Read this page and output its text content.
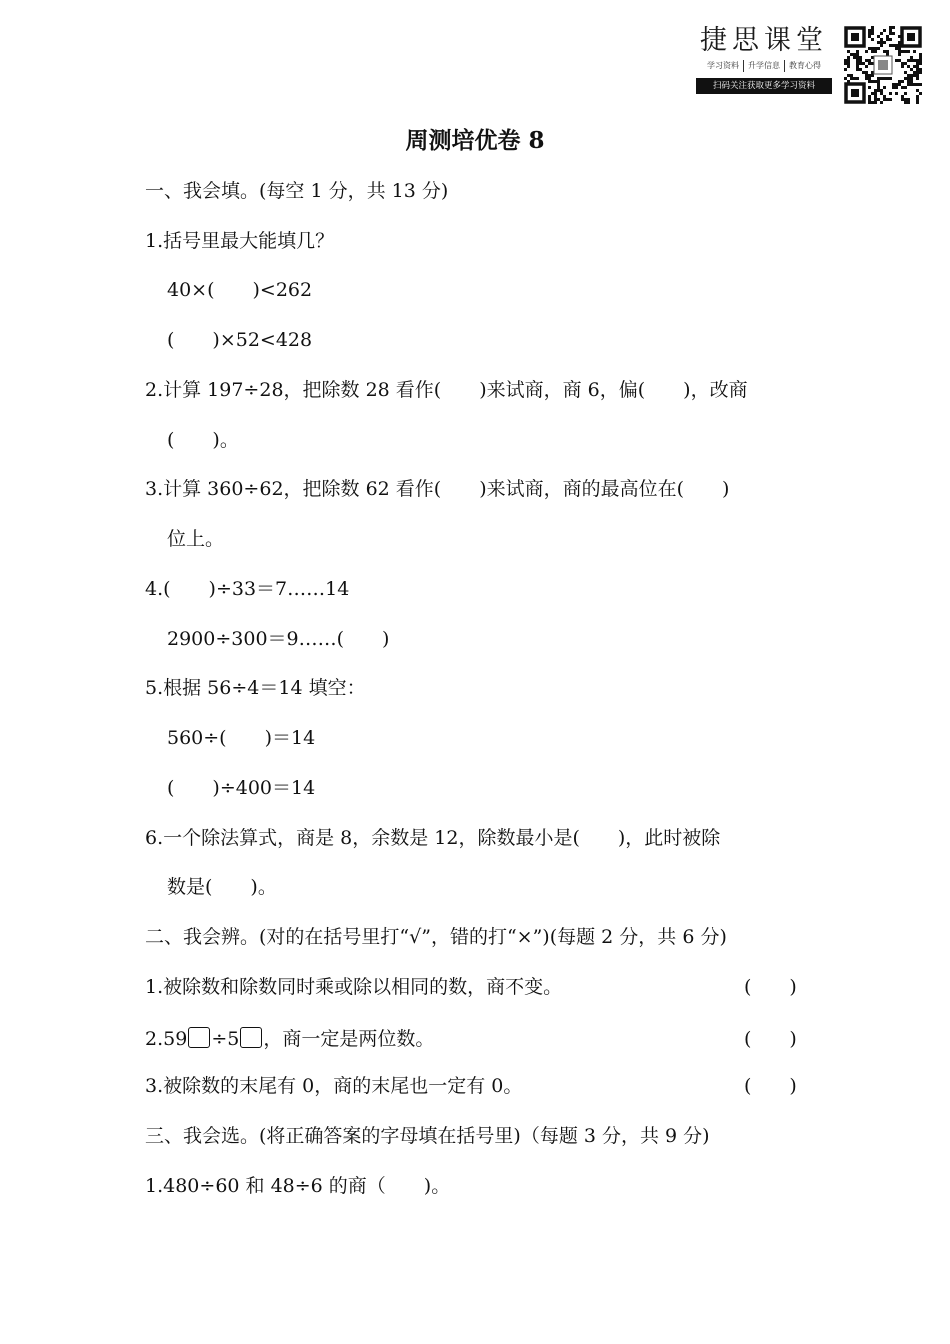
捷思课堂
学习资料 升学信息 教育心得
扫码关注获取更多学习资料
周测培优卷 8
一、我会填。(每空 1 分，共 13 分)
1.括号里最大能填几？
40×(　　)<262
(　　)×52<428
2.计算 197÷28，把除数 28 看作(　　)来试商，商 6，偏(　　)，改商
(　　)。
3.计算 360÷62，把除数 62 看作(　　)来试商，商的最高位在(　　)
位上。
4.(　　)÷33＝7……14
2900÷300＝9……(　　)
5.根据 56÷4＝14 填空：
560÷(　　)＝14
(　　)÷400＝14
6.一个除法算式，商是 8，余数是 12，除数最小是(　　)，此时被除
数是(　　)。
二、我会辨。(对的在括号里打“√”，错的打“×”)(每题 2 分，共 6 分)
1.被除数和除数同时乘或除以相同的数，商不变。	(　　)
2.59 ÷5 ，商一定是两位数。	(　　)
3.被除数的末尾有 0，商的末尾也一定有 0。	(　　)
三、我会选。(将正确答案的字母填在括号里)（每题 3 分，共 9 分)
1.480÷60 和 48÷6 的商（　　)。
